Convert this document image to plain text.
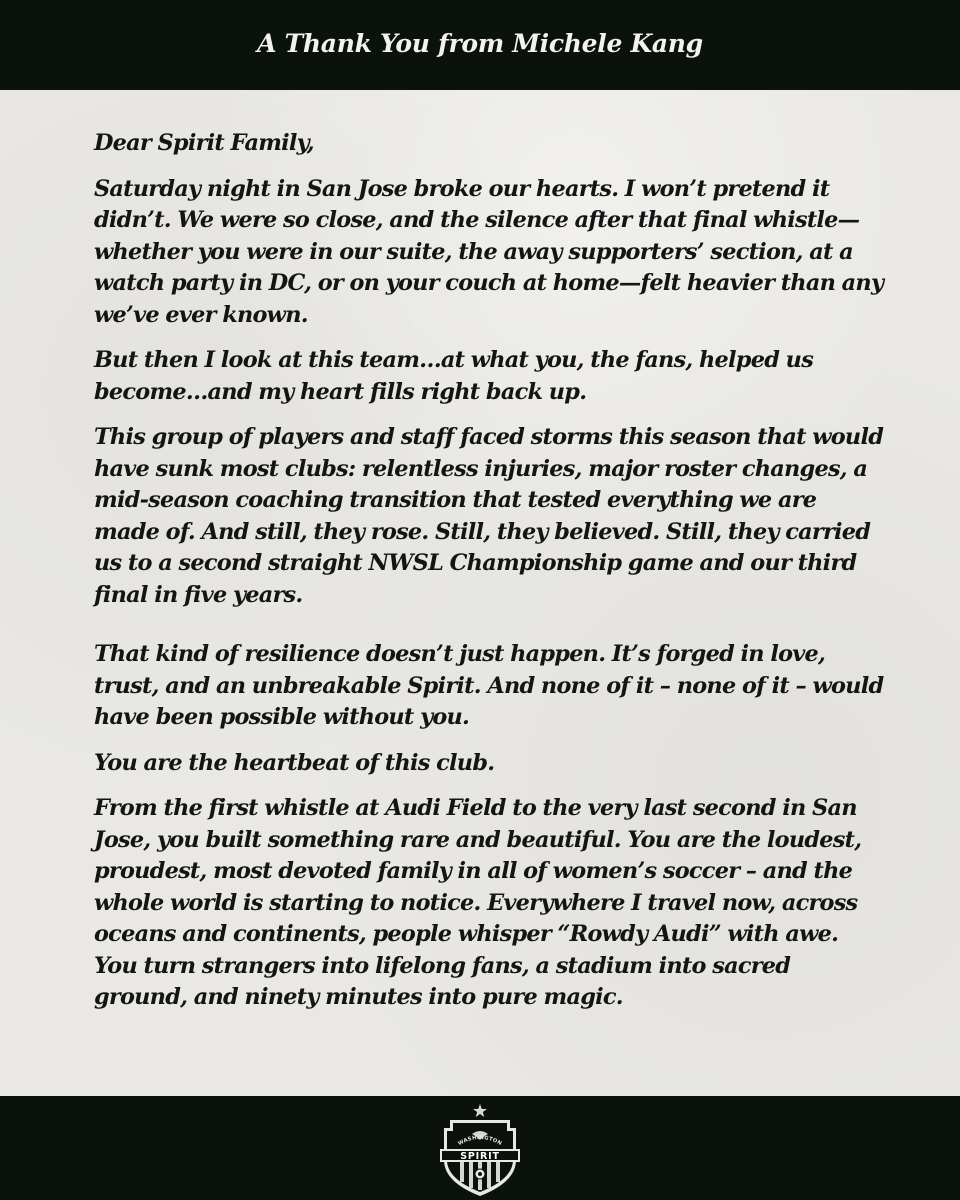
A Thank You from Michele Kang

Dear Spirit Family,

Saturday night in San Jose broke our hearts. I won’t pretend it didn’t. We were so close, and the silence after that final whistle—whether you were in our suite, the away supporters’ section, at a watch party in DC, or on your couch at home—felt heavier than any we’ve ever known.

But then I look at this team…at what you, the fans, helped us become…and my heart fills right back up.

This group of players and staff faced storms this season that would have sunk most clubs: relentless injuries, major roster changes, a mid-season coaching transition that tested everything we are made of. And still, they rose. Still, they believed. Still, they carried us to a second straight NWSL Championship game and our third final in five years.

That kind of resilience doesn’t just happen. It’s forged in love, trust, and an unbreakable Spirit. And none of it – none of it – would have been possible without you.

You are the heartbeat of this club.

From the first whistle at Audi Field to the very last second in San Jose, you built something rare and beautiful. You are the loudest, proudest, most devoted family in all of women’s soccer – and the whole world is starting to notice. Everywhere I travel now, across oceans and continents, people whisper “Rowdy Audi” with awe. You turn strangers into lifelong fans, a stadium into sacred ground, and ninety minutes into pure magic.

WASHINGTON
SPIRIT
